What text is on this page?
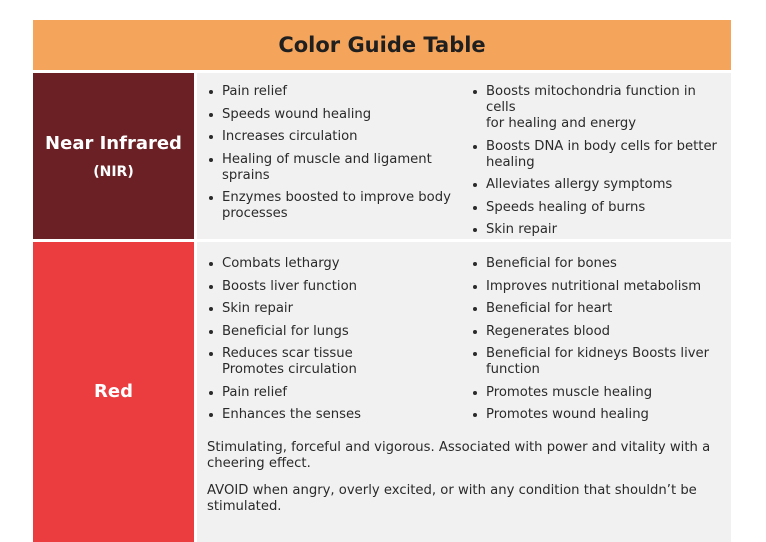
Color Guide Table
Near Infrared
(NIR)
Pain relief
Speeds wound healing
Increases circulation
Healing of muscle and ligament
sprains
Enzymes boosted to improve body
processes
Boosts mitochondria function in cells
for healing and energy
Boosts DNA in body cells for better
healing
Alleviates allergy symptoms
Speeds healing of burns
Skin repair
Red
Combats lethargy
Boosts liver function
Skin repair
Beneficial for lungs
Reduces scar tissue
Promotes circulation
Pain relief
Enhances the senses
Beneficial for bones
Improves nutritional metabolism
Beneficial for heart
Regenerates blood
Beneficial for kidneys Boosts liver
function
Promotes muscle healing
Promotes wound healing
Stimulating, forceful and vigorous. Associated with power and vitality with a cheering effect.
AVOID when angry, overly excited, or with any condition that shouldn’t be stimulated.
